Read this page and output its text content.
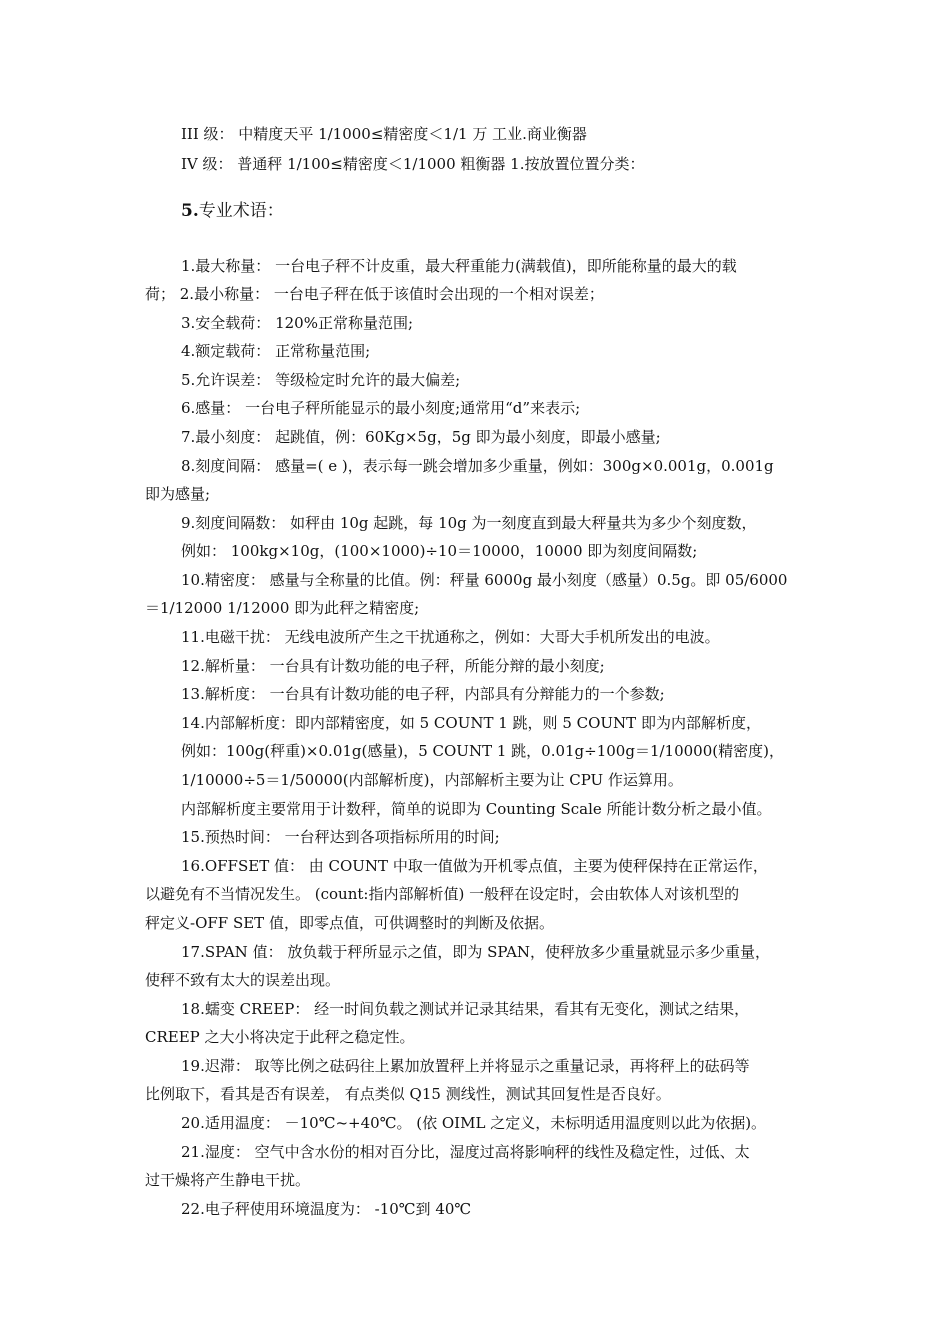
III 级： 中精度天平 1/1000≤精密度＜1/1 万 工业.商业衡器
IV 级： 普通秤 1/100≤精密度＜1/1000 粗衡器 1.按放置位置分类：
5.专业术语：
1.最大称量： 一台电子秤不计皮重，最大秤重能力(满载值)，即所能称量的最大的载
荷； 2.最小称量： 一台电子秤在低于该值时会出现的一个相对误差；
3.安全载荷： 120%正常称量范围;
4.额定载荷： 正常称量范围;
5.允许误差： 等级检定时允许的最大偏差;
6.感量： 一台电子秤所能显示的最小刻度;通常用“d”来表示;
7.最小刻度： 起跳值，例：60Kg×5g，5g 即为最小刻度，即最小感量;
8.刻度间隔： 感量=( e )，表示每一跳会增加多少重量，例如：300g×0.001g，0.001g
即为感量;
9.刻度间隔数： 如秤由 10g 起跳，每 10g 为一刻度直到最大秤量共为多少个刻度数，
例如： 100kg×10g，(100×1000)÷10＝10000，10000 即为刻度间隔数;
10.精密度： 感量与全称量的比值。例：秤量 6000g 最小刻度（感量）0.5g。即 05/6000
＝1/12000 1/12000 即为此秤之精密度;
11.电磁干扰： 无线电波所产生之干扰通称之，例如：大哥大手机所发出的电波。
12.解析量： 一台具有计数功能的电子秤，所能分辩的最小刻度;
13.解析度： 一台具有计数功能的电子秤，内部具有分辩能力的一个参数;
14.内部解析度：即内部精密度，如 5 COUNT 1 跳，则 5 COUNT 即为内部解析度，
例如：100g(秤重)×0.01g(感量)，5 COUNT 1 跳，0.01g÷100g＝1/10000(精密度)，
1/10000÷5＝1/50000(内部解析度)，内部解析主要为让 CPU 作运算用。
内部解析度主要常用于计数秤，简单的说即为 Counting Scale 所能计数分析之最小值。
15.预热时间： 一台秤达到各项指标所用的时间;
16.OFFSET 值： 由 COUNT 中取一值做为开机零点值，主要为使秤保持在正常运作，
以避免有不当情况发生。 (count:指内部解析值) 一般秤在设定时，会由软体人对该机型的
秤定义-OFF SET 值，即零点值，可供调整时的判断及依据。
17.SPAN 值： 放负载于秤所显示之值，即为 SPAN，使秤放多少重量就显示多少重量，
使秤不致有太大的误差出现。
18.蠕变 CREEP： 经一时间负载之测试并记录其结果，看其有无变化，测试之结果，
CREEP 之大小将决定于此秤之稳定性。
19.迟滞： 取等比例之砝码往上累加放置秤上并将显示之重量记录，再将秤上的砝码等
比例取下，看其是否有误差， 有点类似 Q15 测线性，测试其回复性是否良好。
20.适用温度： －10℃~+40℃。 (依 OIML 之定义，未标明适用温度则以此为依据)。
21.湿度： 空气中含水份的相对百分比，湿度过高将影响秤的线性及稳定性，过低、太
过干燥将产生静电干扰。
22.电子秤使用环境温度为： -10℃到 40℃
